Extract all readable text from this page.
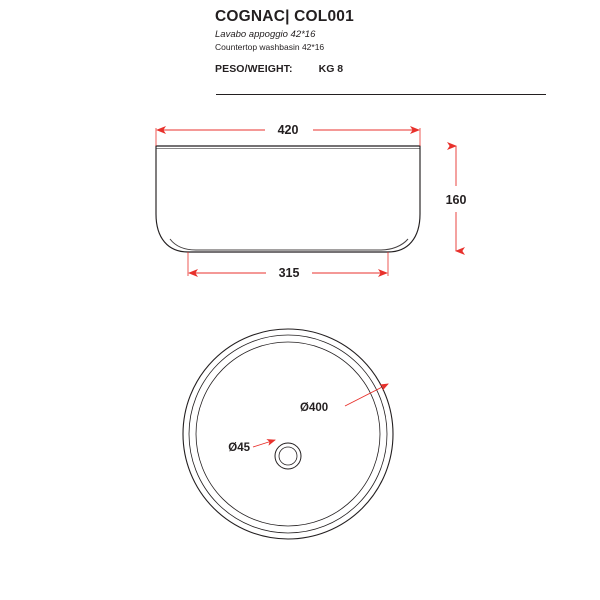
COGNAC| COL001
Lavabo appoggio 42*16
Countertop washbasin 42*16
PESO/WEIGHT: KG 8
420
160
315
Ø400
Ø45
